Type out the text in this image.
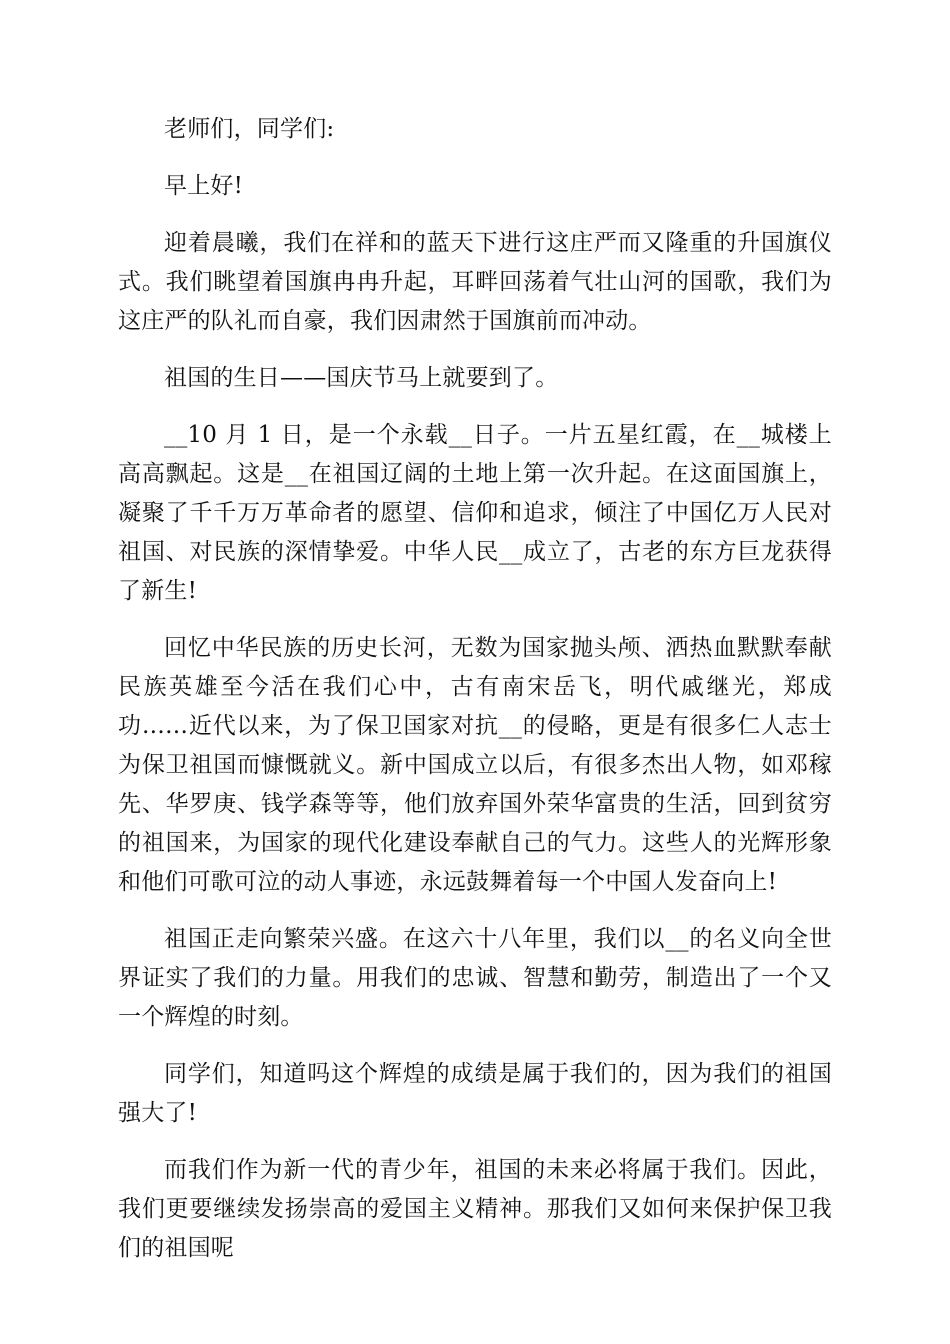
老师们，同学们:

早上好!

迎着晨曦，我们在祥和的蓝天下进行这庄严而又隆重的升国旗仪式。我们眺望着国旗冉冉升起，耳畔回荡着气壮山河的国歌，我们为这庄严的队礼而自豪，我们因肃然于国旗前而冲动。

祖国的生日——国庆节马上就要到了。

__10 月 1 日，是一个永载__日子。一片五星红霞，在__城楼上高高飘起。这是__在祖国辽阔的土地上第一次升起。在这面国旗上，凝聚了千千万万革命者的愿望、信仰和追求，倾注了中国亿万人民对祖国、对民族的深情挚爱。中华人民__成立了，古老的东方巨龙获得了新生!

回忆中华民族的历史长河，无数为国家抛头颅、洒热血默默奉献民族英雄至今活在我们心中，古有南宋岳飞，明代戚继光，郑成功……近代以来，为了保卫国家对抗__的侵略，更是有很多仁人志士为保卫祖国而慷慨就义。新中国成立以后，有很多杰出人物，如邓稼先、华罗庚、钱学森等等，他们放弃国外荣华富贵的生活，回到贫穷的祖国来，为国家的现代化建设奉献自己的气力。这些人的光辉形象和他们可歌可泣的动人事迹，永远鼓舞着每一个中国人发奋向上!

祖国正走向繁荣兴盛。在这六十八年里，我们以__的名义向全世界证实了我们的力量。用我们的忠诚、智慧和勤劳，制造出了一个又一个辉煌的时刻。

同学们，知道吗这个辉煌的成绩是属于我们的，因为我们的祖国强大了!

而我们作为新一代的青少年，祖国的未来必将属于我们。因此，我们更要继续发扬崇高的爱国主义精神。那我们又如何来保护保卫我们的祖国呢
